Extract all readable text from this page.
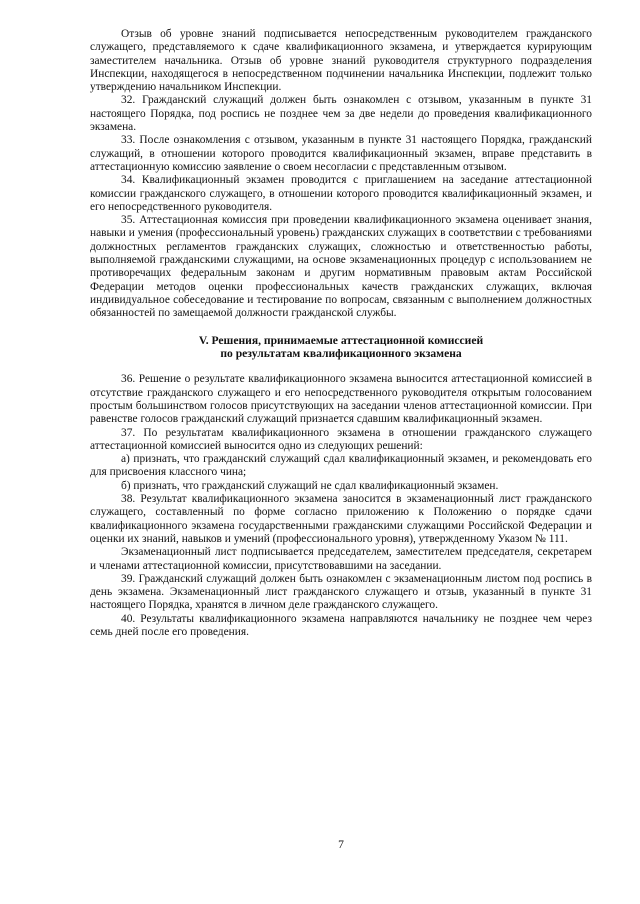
Отзыв об уровне знаний подписывается непосредственным руководителем гражданского служащего, представляемого к сдаче квалификационного экзамена, и утверждается курирующим заместителем начальника. Отзыв об уровне знаний руководителя структурного подразделения Инспекции, находящегося в непосредственном подчинении начальника Инспекции, подлежит только утверждению начальником Инспекции.

32. Гражданский служащий должен быть ознакомлен с отзывом, указанным в пункте 31 настоящего Порядка, под роспись не позднее чем за две недели до проведения квалификационного экзамена.

33. После ознакомления с отзывом, указанным в пункте 31 настоящего Порядка, гражданский служащий, в отношении которого проводится квалификационный экзамен, вправе представить в аттестационную комиссию заявление о своем несогласии с представленным отзывом.

34. Квалификационный экзамен проводится с приглашением на заседание аттестационной комиссии гражданского служащего, в отношении которого проводится квалификационный экзамен, и его непосредственного руководителя.

35. Аттестационная комиссия при проведении квалификационного экзамена оценивает знания, навыки и умения (профессиональный уровень) гражданских служащих в соответствии с требованиями должностных регламентов гражданских служащих, сложностью и ответственностью работы, выполняемой гражданскими служащими, на основе экзаменационных процедур с использованием не противоречащих федеральным законам и другим нормативным правовым актам Российской Федерации методов оценки профессиональных качеств гражданских служащих, включая индивидуальное собеседование и тестирование по вопросам, связанным с выполнением должностных обязанностей по замещаемой должности гражданской службы.

V. Решения, принимаемые аттестационной комиссией
по результатам квалификационного экзамена

36. Решение о результате квалификационного экзамена выносится аттестационной комиссией в отсутствие гражданского служащего и его непосредственного руководителя открытым голосованием простым большинством голосов присутствующих на заседании членов аттестационной комиссии. При равенстве голосов гражданский служащий признается сдавшим квалификационный экзамен.

37. По результатам квалификационного экзамена в отношении гражданского служащего аттестационной комиссией выносится одно из следующих решений:

а) признать, что гражданский служащий сдал квалификационный экзамен, и рекомендовать его для присвоения классного чина;

б) признать, что гражданский служащий не сдал квалификационный экзамен.

38. Результат квалификационного экзамена заносится в экзаменационный лист гражданского служащего, составленный по форме согласно приложению к Положению о порядке сдачи квалификационного экзамена государственными гражданскими служащими Российской Федерации и оценки их знаний, навыков и умений (профессионального уровня), утвержденному Указом № 111.

Экзаменационный лист подписывается председателем, заместителем председателя, секретарем и членами аттестационной комиссии, присутствовавшими на заседании.

39. Гражданский служащий должен быть ознакомлен с экзаменационным листом под роспись в день экзамена. Экзаменационный лист гражданского служащего и отзыв, указанный в пункте 31 настоящего Порядка, хранятся в личном деле гражданского служащего.

40. Результаты квалификационного экзамена направляются начальнику не позднее чем через семь дней после его проведения.

7
